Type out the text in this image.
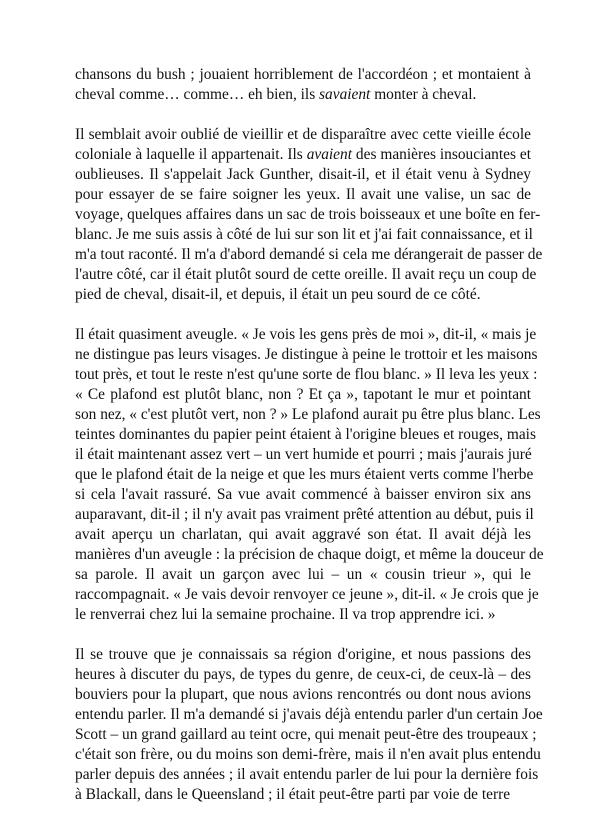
chansons du bush ; jouaient horriblement de l'accordéon ; et montaient à
cheval comme… comme… eh bien, ils savaient monter à cheval.
Il semblait avoir oublié de vieillir et de disparaître avec cette vieille école
coloniale à laquelle il appartenait. Ils avaient des manières insouciantes et
oublieuses. Il s'appelait Jack Gunther, disait-il, et il était venu à Sydney
pour essayer de se faire soigner les yeux. Il avait une valise, un sac de
voyage, quelques affaires dans un sac de trois boisseaux et une boîte en fer-
blanc. Je me suis assis à côté de lui sur son lit et j'ai fait connaissance, et il
m'a tout raconté. Il m'a d'abord demandé si cela me dérangerait de passer de
l'autre côté, car il était plutôt sourd de cette oreille. Il avait reçu un coup de
pied de cheval, disait-il, et depuis, il était un peu sourd de ce côté.
Il était quasiment aveugle. « Je vois les gens près de moi », dit-il, « mais je
ne distingue pas leurs visages. Je distingue à peine le trottoir et les maisons
tout près, et tout le reste n'est qu'une sorte de flou blanc. » Il leva les yeux :
« Ce plafond est plutôt blanc, non ? Et ça », tapotant le mur et pointant
son nez, « c'est plutôt vert, non ? » Le plafond aurait pu être plus blanc. Les
teintes dominantes du papier peint étaient à l'origine bleues et rouges, mais
il était maintenant assez vert – un vert humide et pourri ; mais j'aurais juré
que le plafond était de la neige et que les murs étaient verts comme l'herbe
si cela l'avait rassuré. Sa vue avait commencé à baisser environ six ans
auparavant, dit-il ; il n'y avait pas vraiment prêté attention au début, puis il
avait aperçu un charlatan, qui avait aggravé son état. Il avait déjà les
manières d'un aveugle : la précision de chaque doigt, et même la douceur de
sa parole. Il avait un garçon avec lui – un « cousin trieur », qui le
raccompagnait. « Je vais devoir renvoyer ce jeune », dit-il. « Je crois que je
le renverrai chez lui la semaine prochaine. Il va trop apprendre ici. »
Il se trouve que je connaissais sa région d'origine, et nous passions des
heures à discuter du pays, de types du genre, de ceux-ci, de ceux-là – des
bouviers pour la plupart, que nous avions rencontrés ou dont nous avions
entendu parler. Il m'a demandé si j'avais déjà entendu parler d'un certain Joe
Scott – un grand gaillard au teint ocre, qui menait peut-être des troupeaux ;
c'était son frère, ou du moins son demi-frère, mais il n'en avait plus entendu
parler depuis des années ; il avait entendu parler de lui pour la dernière fois
à Blackall, dans le Queensland ; il était peut-être parti par voie de terre
